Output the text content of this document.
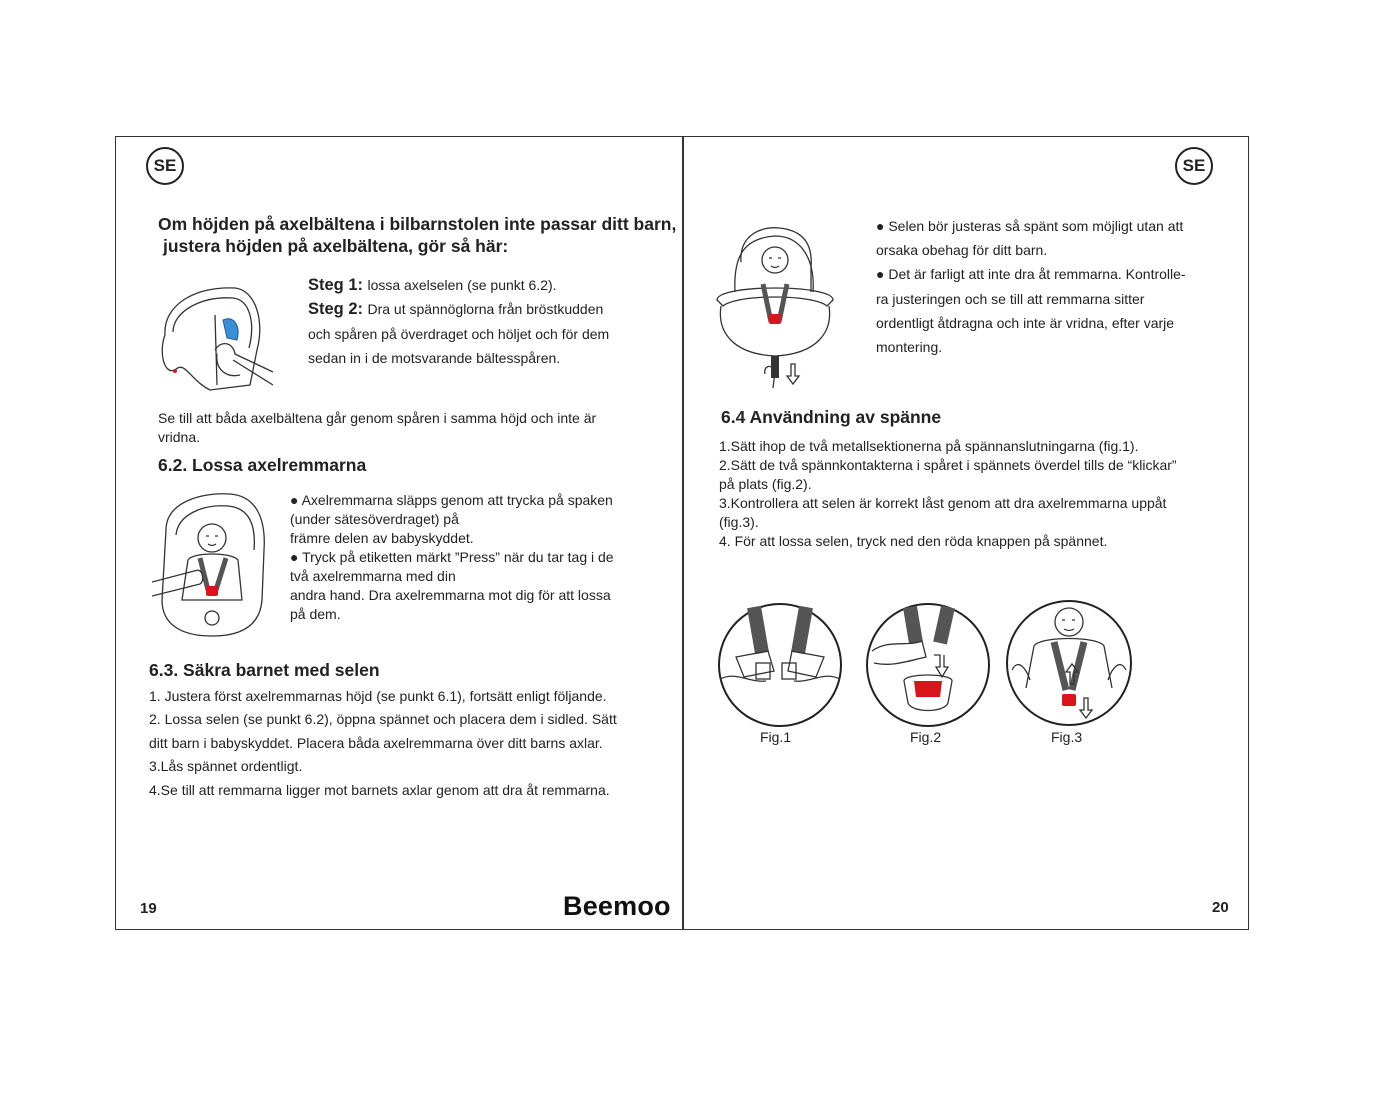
SE
Om höjden på axelbältena i bilbarnstolen inte passar ditt barn,
justera höjden på axelbältena, gör så här:
Steg 1: lossa axelselen (se punkt 6.2).
Steg 2: Dra ut spännöglorna från bröstkudden
och spåren på överdraget och höljet och för dem
sedan in i de motsvarande bältesspåren.
Se till att båda axelbältena går genom spåren i samma höjd och inte är
vridna.
6.2. Lossa axelremmarna
● Axelremmarna släpps genom att trycka på spaken
(under sätesöverdraget) på
främre delen av babyskyddet.
● Tryck på etiketten märkt ”Press” när du tar tag i de
två axelremmarna med din
andra hand. Dra axelremmarna mot dig för att lossa
på dem.
6.3. Säkra barnet med selen
1. Justera först axelremmarnas höjd (se punkt 6.1), fortsätt enligt följande.
2. Lossa selen (se punkt 6.2), öppna spännet och placera dem i sidled. Sätt
ditt barn i babyskyddet. Placera båda axelremmarna över ditt barns axlar.
3.Lås spännet ordentligt.
4.Se till att remmarna ligger mot barnets axlar genom att dra åt remmarna.
19	Beemoo
SE
● Selen bör justeras så spänt som möjligt utan att
orsaka obehag för ditt barn.
● Det är farligt att inte dra åt remmarna. Kontrolle-
ra justeringen och se till att remmarna sitter
ordentligt åtdragna och inte är vridna, efter varje
montering.
6.4 Användning av spänne
1.Sätt ihop de två metallsektionerna på spännanslutningarna (fig.1).
2.Sätt de två spännkontakterna i spåret i spännets överdel tills de “klickar”
på plats (fig.2).
3.Kontrollera att selen är korrekt låst genom att dra axelremmarna uppåt
(fig.3).
4. För att lossa selen, tryck ned den röda knappen på spännet.
Fig.1	Fig.2	Fig.3
20
